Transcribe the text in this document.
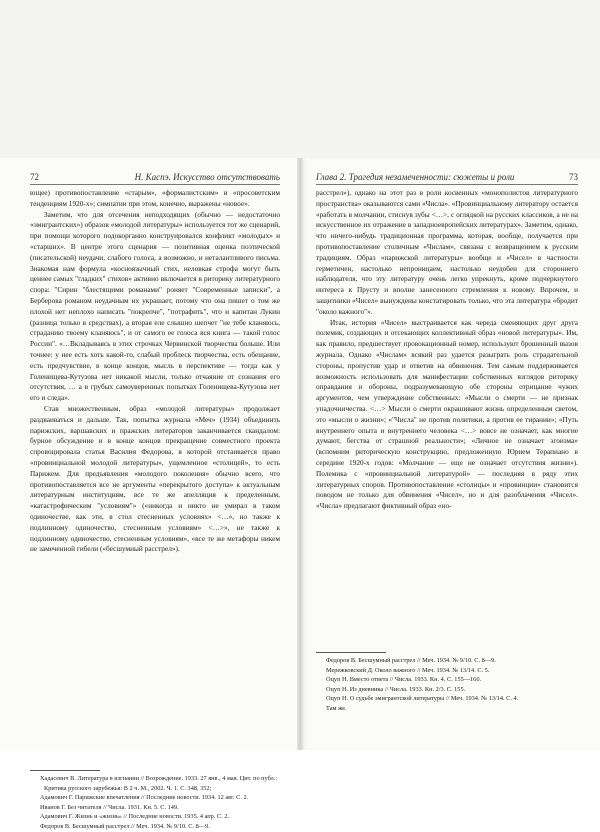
72	Н. Каспэ. Искусство отсутствовать

ющее) противопоставление «старым», «формалистским» и «просоветским тенденциям 1920-х»; симпатии при этом, конечно, выражены «новое».

Заметим, что для отсечения неподходящих (обычно — недостаточно «эмигрантских») образов «молодой литературы» используется тот же сценарий, при помощи которого подокорганно конструировался конфликт «молодых» и «старших». В центре этого сценария — позитивная оценка поэтической (писательской) неудачи, слабого голоса, а возможно, и неталантливого письма. Знакомая нам формула «косноязычный стих, неловкая строфа могут быть ценнее самых "гладких" стихов» активно включается в риторику литературного спора: "Сирин "блестящими романами" роняет "Современные записки", а Берберова романом неудачным их украшает, потому что она пишет о том же плохой нет неплохо написать "покрепче", "потрафить", что и капитан Лукин (разница только в средствах), а вторая еле слышно шепчет "не тебе кланяюсь, страданию твоему кланяюсь", и от самого ее голоса вся книга — такой голос России". «…Вкладываясь в этих строчках Червинской творчества больше. Или точнее: у нее есть хоть какой-то, слабый проблеск творчества, есть обещание, есть предчувствие, в конце концов, мысль в перспективе — тогда как у Голенищева-Кутузова нет никакой мысли, только отчаяние от сознания его отсутствия, … а в грубых самоуверенных попытках Голенищева-Кутузова нет его и следа».

Став множественным, образ «молодой литературы» продолжает раздваиваться и дальше. Так, попытка журнала «Меч» (1934) объединить парижских, варшавских и пражских литераторов заканчивается скандалом: бурное обсуждение и в конце концов прекращение совместного проекта спровоцировала статья Василия Федорова, в которой отстаивается право «провинциальной молодой литературы», ущемленное «столицей», то есть Парижем. Для предъявления «молодого поколения» обычно всего, что противопоставляется все не аргументы «перекрытого доступа» к актуальным литературным институциям, все те же апелляция к пределенным, «катастрофическим "условиям"» («никогда и никто не умирал в таком одиночестве, как эти, в стол стесненных условиях» <…», но также к подлинному одиночество, стесненным условиям» <…>», не также к подлинному одиночество, стесненным условиям», «все те же метафоры никем не замеченной гибели («бесшумный расстрел»).

Хадасевич В. Литература в изгнании // Возрождение. 1933. 27 янв., 4 мая. Цит. по публ.: Критика русского зарубежья: В 2 ч. М., 2002. Ч. 1. С. 348, 352;

Адамович Г. Парижские впечатления // Последние новости. 1934. 12 авг. С. 2.

Иванов Г. Без читателя // Числа. 1931. Кн. 5. С. 149.

Адамович Г. Жизнь и «жизнь» // Последние новости. 1935. 4 апр. С. 2.

Федоров В. Бесшумный расстрел // Меч. 1934. № 9/10. С. 8—9.

Глава 2. Трагедия незамеченности: сюжеты и роли	73

расстрел»), однако на этот раз в роли косвенных «монополистов литературного пространства» оказываются сами «Числа». «Провинциальному литератору остается «работать в молчании, стиснув зубы <…>, с оглядкой на русских классиков, а не на искусственное их отражение в западноевропейских литературах». Заметим, однако, что ничего-нибудь традиционная программа, которая, вообще, получается при противопоставление столичным «Числам», связана с возвращением к русским традициям. Образ «парижской литературы» вообще и «Чисел» в частности герметичен, настолько непроницаем, настолько неудобен для стороннего наблюдателя, что эту литературу очень легко упрекнуть, кроме подчеркнутого интереса к Прусту и вполне занесенного стремления к новому. Впрочем, и защитники «Чисел» вынуждены констатировать только, что эта литература «бродит "около важного"».

Итак, история «Чисел» выстраивается как череда сменяющих друг друга полемик, создающих и отсекающих коллективный образ «новой литературы». Им, как правило, предшествует провокационный номер, используют брошенный вызов журнала. Однако «Числам» всякий раз удается разыграть роль страдательной стороны, пропустив удар и ответив на обвинения. Тем самым поддерживается возможность использовать для манифестации собственных взглядов риторику оправдания и обороны, подразумевающую обе стороны отрицание чужих аргументов, чем утверждение собственных: «Мысли о смерти — не признак упадочничества. <…> Мысли о смерти окрашивают жизнь определенным светом, это «мысли о жизни»; «"Числа" не против политики, а против ее тирании»; «Путь внутреннего опыта и внутреннего человека <…> вовсе не означает, как многие думают, бегства от страшной реальности»; «Личное не означает эгоизма» (вспомним риторическую конструкцию, предложенную Юрием Терапиано в середине 1920-х годов: «Молчание — еще не означает отсутствия жизни»). Полемика с «провинциальной литературой» — последняя в ряду этих литературных споров. Противопоставление «столицы» и «провинции» становится поводом не только для обвинения «Чисел», но и для разоблачения «Чисел». «Числа» предлагают фиктивный образ «но-

Федоров В. Бесшумный расстрел // Меч. 1934. № 9/10. С. 8—9.

Мережковский Д. Около важного // Меч. 1934. № 13/14. С. 5.

Оцуп Н. Вместо ответа // Числа. 1933. Кн. 4. С. 155—160.

Оцуп Н. Из дневника // Числа. 1933. Кн. 2/3. С. 155.

Оцуп Н. О судьбе эмигрантской литературы // Меч. 1934. № 13/14. С. 4.

Там же.
